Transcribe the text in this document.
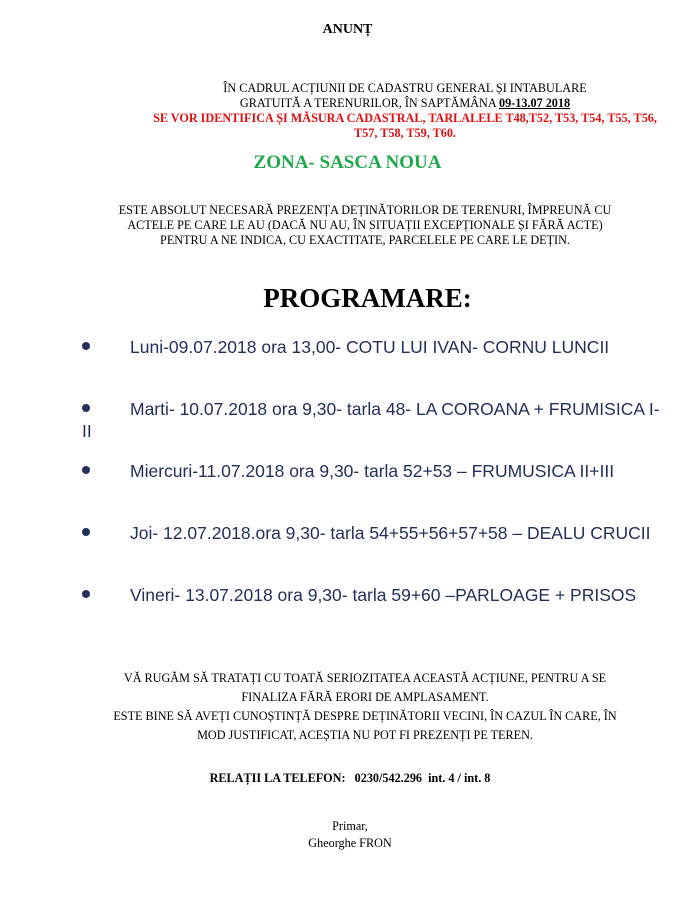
ANUNȚ
ÎN CADRUL ACȚIUNII DE CADASTRU GENERAL ȘI INTABULARE
GRATUITĂ A TERENURILOR, ÎN SAPTĂMÂNA 09-13.07 2018
SE VOR IDENTIFICA ȘI MĂSURA CADASTRAL, TARLALELE T48,T52, T53, T54, T55, T56,
T57, T58, T59, T60.
ZONA- SASCA NOUA
ESTE ABSOLUT NECESARĂ PREZENȚA DEȚINĂTORILOR DE TERENURI, ÎMPREUNĂ CU
ACTELE PE CARE LE AU (DACĂ NU AU, ÎN SITUAȚII EXCEPȚIONALE ȘI FĂRĂ ACTE)
PENTRU A NE INDICA, CU EXACTITATE, PARCELELE PE CARE LE DEȚIN.
PROGRAMARE:
Luni-09.07.2018 ora 13,00- COTU LUI IVAN- CORNU LUNCII
Marti- 10.07.2018 ora 9,30- tarla 48- LA COROANA + FRUMISICA I-II
Miercuri-11.07.2018 ora 9,30- tarla 52+53 – FRUMUSICA II+III
Joi- 12.07.2018.ora 9,30- tarla 54+55+56+57+58 – DEALU CRUCII
Vineri- 13.07.2018 ora 9,30- tarla 59+60 –PARLOAGE + PRISOS
VĂ RUGĂM SĂ TRATAȚI CU TOATĂ SERIOZITATEA ACEASTĂ ACȚIUNE, PENTRU A SE
FINALIZA FĂRĂ ERORI DE AMPLASAMENT.
ESTE BINE SĂ AVEȚI CUNOȘTINȚĂ DESPRE DEȚINĂTORII VECINI, ÎN CAZUL ÎN CARE, ÎN
MOD JUSTIFICAT, ACEȘTIA NU POT FI PREZENȚI PE TEREN.
RELAȚII LA TELEFON:   0230/542.296  int. 4 / int. 8
Primar,
Gheorghe FRON
